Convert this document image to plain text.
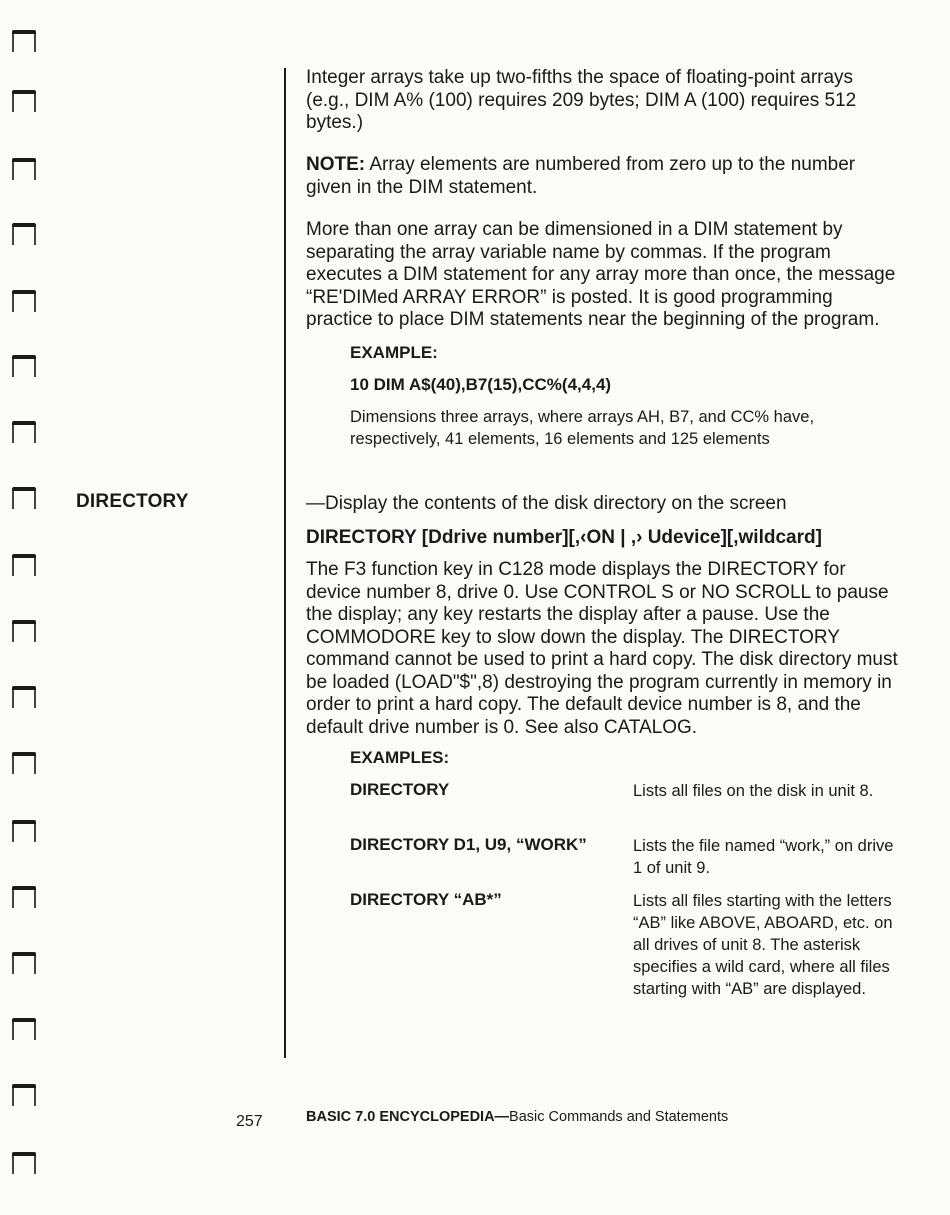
Integer arrays take up two-fifths the space of floating-point arrays (e.g., DIM A% (100) requires 209 bytes; DIM A (100) requires 512 bytes.)

NOTE: Array elements are numbered from zero up to the number given in the DIM statement.

More than one array can be dimensioned in a DIM statement by separating the array variable name by commas. If the program executes a DIM statement for any array more than once, the message “RE'DIMed ARRAY ERROR” is posted. It is good programming practice to place DIM statements near the beginning of the program.

EXAMPLE:
10 DIM A$(40),B7(15),CC%(4,4,4)
Dimensions three arrays, where arrays AH, B7, and CC% have, respectively, 41 elements, 16 elements and 125 elements
DIRECTORY	—Display the contents of the disk directory on the screen
DIRECTORY [Ddrive number][,‹ON | ,› Udevice][,wildcard]

The F3 function key in C128 mode displays the DIRECTORY for device number 8, drive 0. Use CONTROL S or NO SCROLL to pause the display; any key restarts the display after a pause. Use the COMMODORE key to slow down the display. The DIRECTORY command cannot be used to print a hard copy. The disk directory must be loaded (LOAD"$",8) destroying the program currently in memory in order to print a hard copy. The default device number is 8, and the default drive number is 0. See also CATALOG.

EXAMPLES:
DIRECTORY	Lists all files on the disk in unit 8.
DIRECTORY D1, U9, “WORK”	Lists the file named “work,” on drive 1 of unit 9.
DIRECTORY “AB*”	Lists all files starting with the letters “AB” like ABOVE, ABOARD, etc. on all drives of unit 8. The asterisk specifies a wild card, where all files starting with “AB” are displayed.
257	BASIC 7.0 ENCYCLOPEDIA—Basic Commands and Statements
